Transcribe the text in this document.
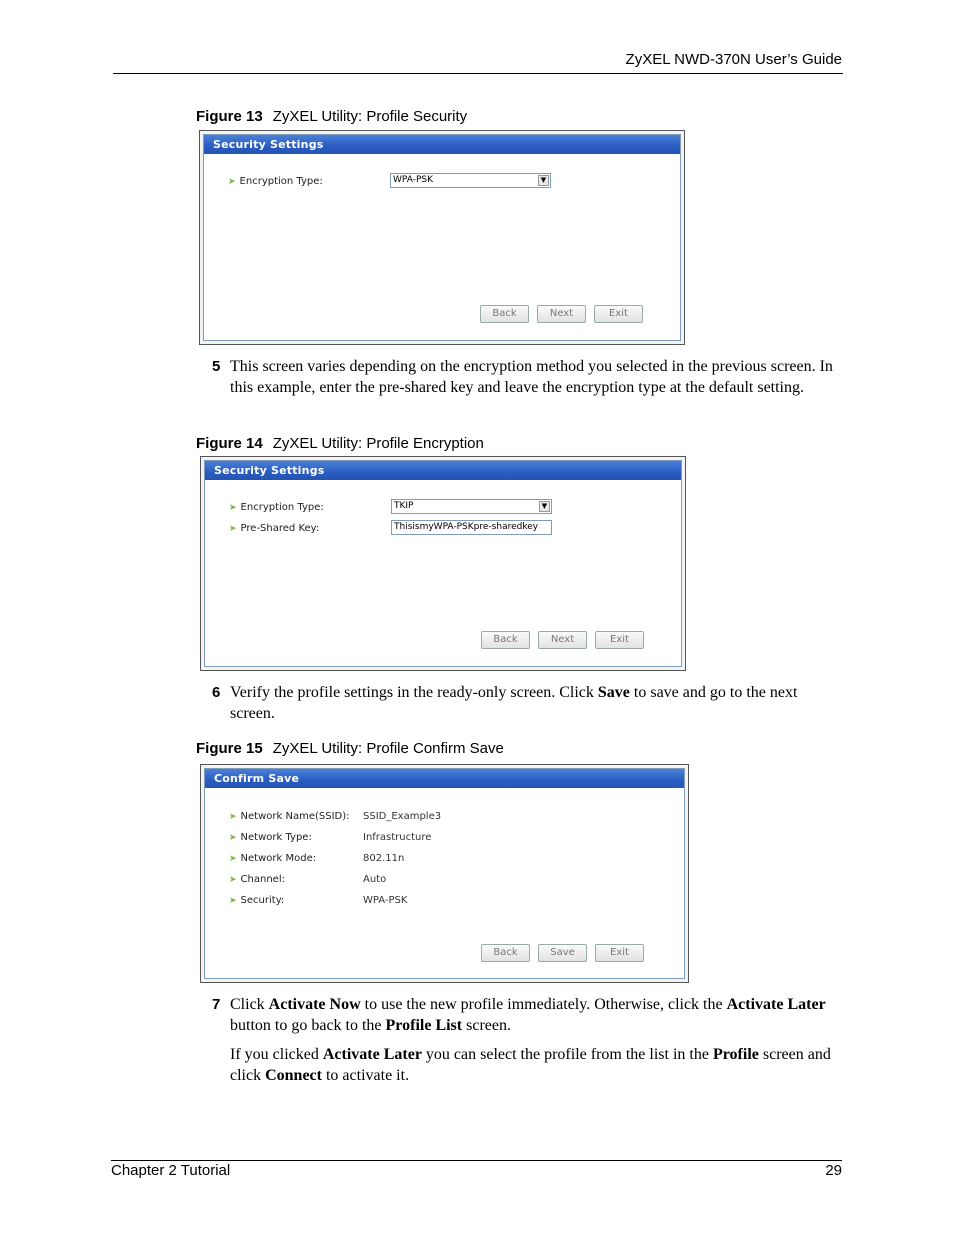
ZyXEL NWD-370N User’s Guide
Figure 13 ZyXEL Utility: Profile Security
Security Settings
➤ Encryption Type:	WPA-PSK	▼
Back	Next	Exit
5 This screen varies depending on the encryption method you selected in the previous screen. In this example, enter the pre-shared key and leave the encryption type at the default setting.
Figure 14 ZyXEL Utility: Profile Encryption
Security Settings
➤ Encryption Type:	TKIP	▼
➤ Pre-Shared Key:	ThisismyWPA-PSKpre-sharedkey
Back	Next	Exit
6 Verify the profile settings in the ready-only screen. Click Save to save and go to the next screen.
Figure 15 ZyXEL Utility: Profile Confirm Save
Confirm Save
➤ Network Name(SSID): SSID_Example3
➤ Network Type:	Infrastructure
➤ Network Mode:	802.11n
➤ Channel:	Auto
➤ Security:	WPA-PSK
Back	Save	Exit
7 Click Activate Now to use the new profile immediately. Otherwise, click the Activate Later button to go back to the Profile List screen.
If you clicked Activate Later you can select the profile from the list in the Profile screen and click Connect to activate it.
Chapter 2 Tutorial	29
